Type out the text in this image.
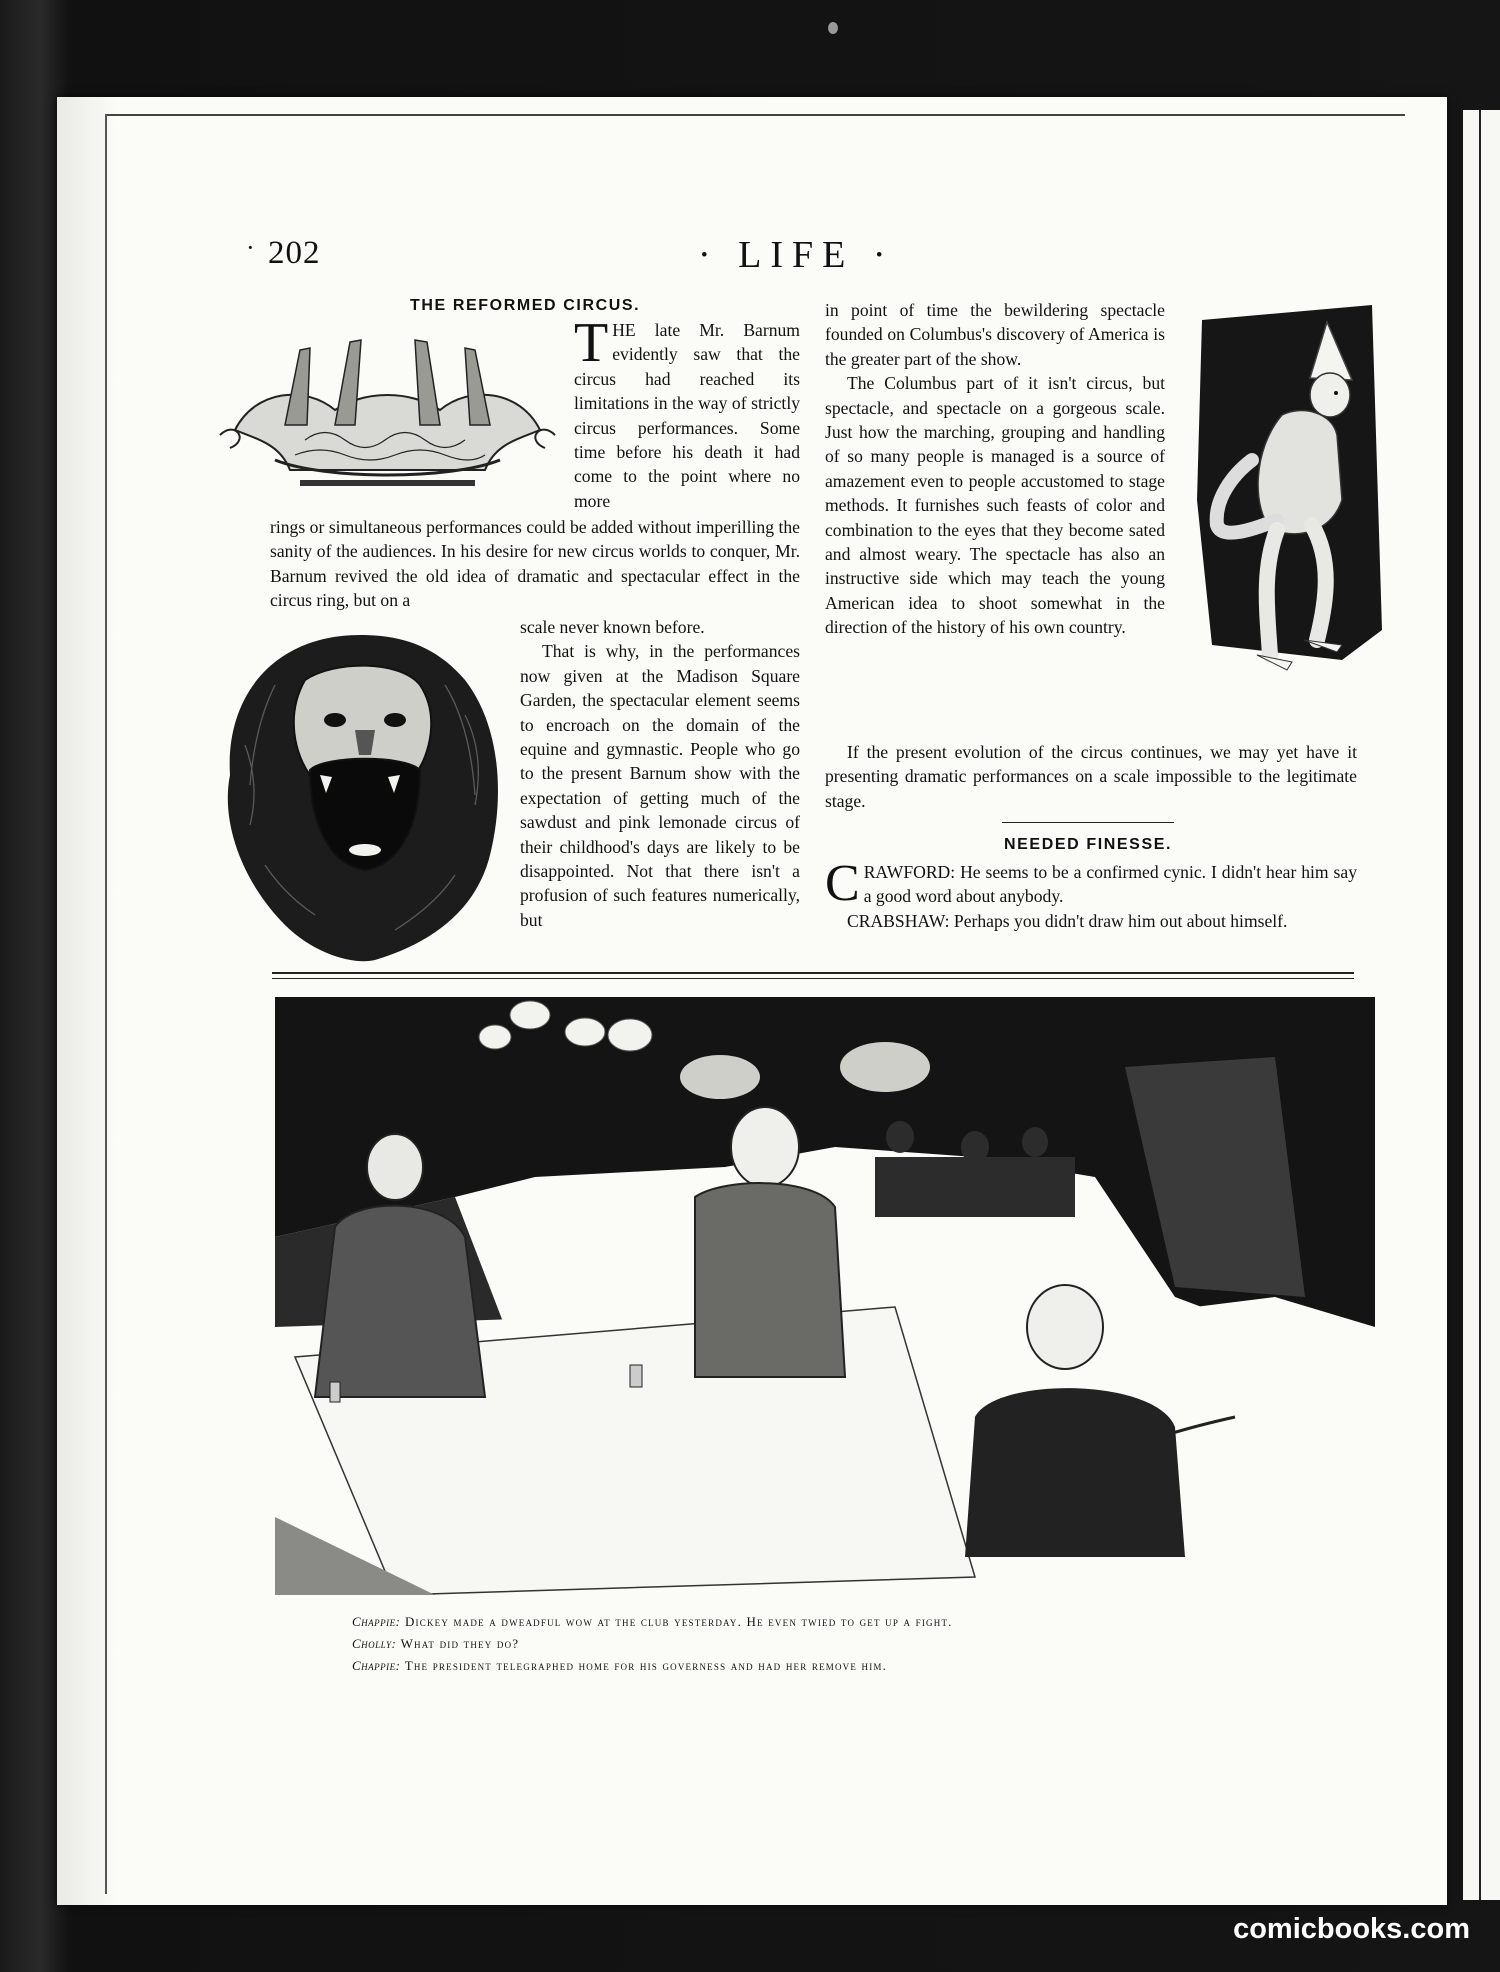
· 202	· LIFE ·
THE REFORMED CIRCUS.

THE late Mr. Barnum evidently saw that the circus had reached its limitations in the way of strictly circus performances. Some time before his death it had come to the point where no more

rings or simultaneous performances could be added without imperilling the sanity of the audiences. In his desire for new circus worlds to conquer, Mr. Barnum revived the old idea of dramatic and spectacular effect in the circus ring, but on a

scale never known before.

That is why, in the performances now given at the Madison Square Garden, the spectacular element seems to encroach on the domain of the equine and gymnastic. People who go to the present Barnum show with the expectation of getting much of the sawdust and pink lemonade circus of their childhood's days are likely to be disappointed. Not that there isn't a profusion of such features numerically, but

in point of time the bewildering spectacle founded on Columbus's discovery of America is the greater part of the show.

The Columbus part of it isn't circus, but spectacle, and spectacle on a gorgeous scale. Just how the marching, grouping and handling of so many people is managed is a source of amazement even to people accustomed to stage methods. It furnishes such feasts of color and combination to the eyes that they become sated and almost weary. The spectacle has also an instructive side which may teach the young American idea to shoot somewhat in the direction of the history of his own country.

If the present evolution of the circus continues, we may yet have it presenting dramatic performances on a scale impossible to the legitimate stage.

NEEDED FINESSE.

CRAWFORD: He seems to be a confirmed cynic. I didn't hear him say a good word about anybody.

CRABSHAW: Perhaps you didn't draw him out about himself.

Chappie: Dickey made a dweadful wow at the club yesterday. He even twied to get up a fight.
Cholly: What did they do?
Chappie: The president telegraphed home for his governess and had her remove him.
comicbooks.com
